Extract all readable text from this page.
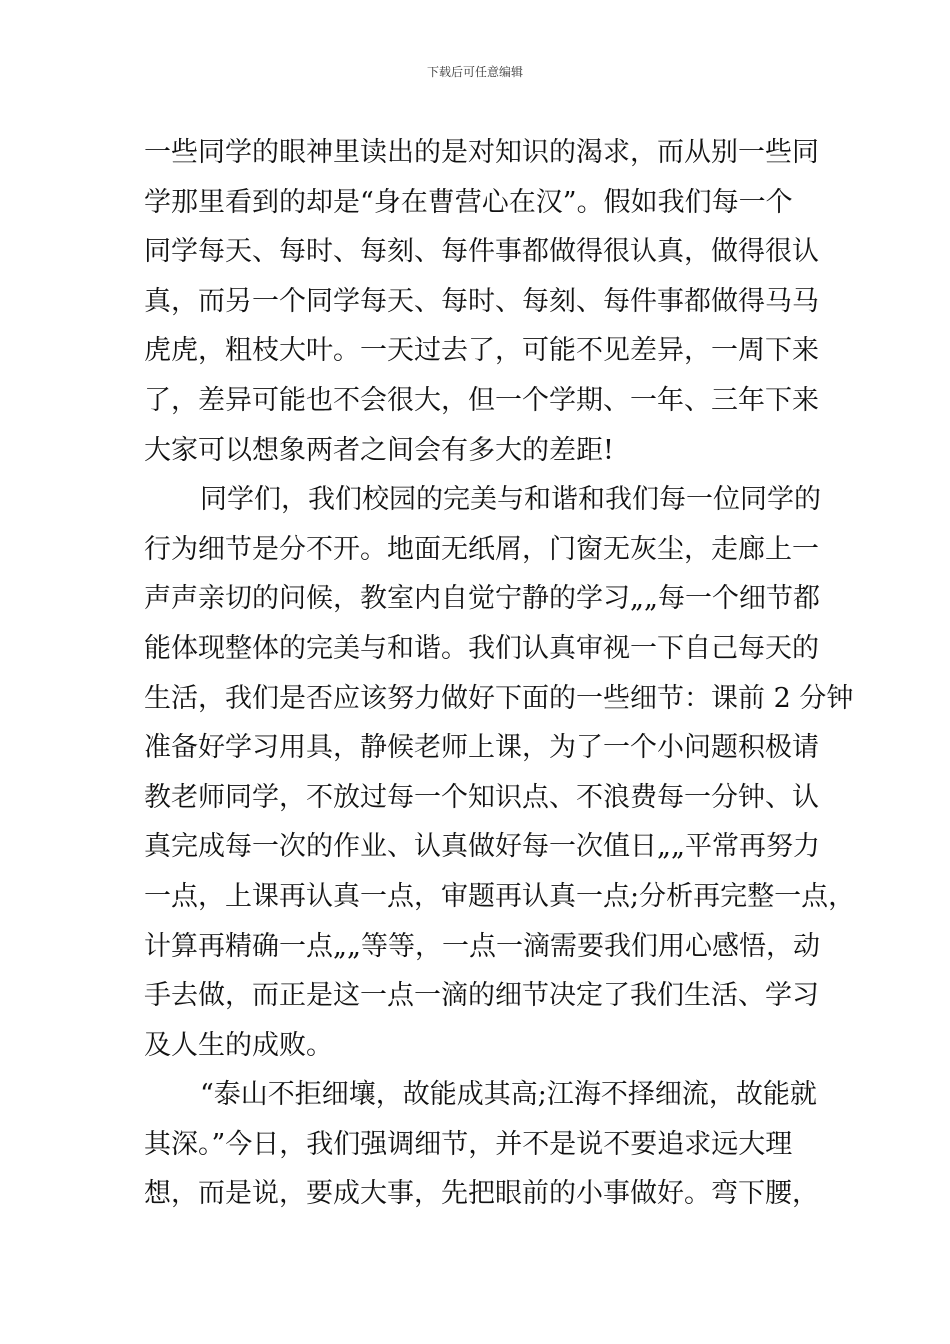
下载后可任意编辑
一些同学的眼神里读出的是对知识的渴求，而从别一些同
学那里看到的却是“身在曹营心在汉”。假如我们每一个
同学每天、每时、每刻、每件事都做得很认真，做得很认
真，而另一个同学每天、每时、每刻、每件事都做得马马
虎虎，粗枝大叶。一天过去了，可能不见差异，一周下来
了，差异可能也不会很大，但一个学期、一年、三年下来
大家可以想象两者之间会有多大的差距!
同学们，我们校园的完美与和谐和我们每一位同学的
行为细节是分不开。地面无纸屑，门窗无灰尘，走廊上一
声声亲切的问候，教室内自觉宁静的学习„„每一个细节都
能体现整体的完美与和谐。我们认真审视一下自己每天的
生活，我们是否应该努力做好下面的一些细节：课前 2 分钟
准备好学习用具，静候老师上课，为了一个小问题积极请
教老师同学，不放过每一个知识点、不浪费每一分钟、认
真完成每一次的作业、认真做好每一次值日„„平常再努力
一点，上课再认真一点，审题再认真一点;分析再完整一点，
计算再精确一点„„等等，一点一滴需要我们用心感悟，动
手去做，而正是这一点一滴的细节决定了我们生活、学习
及人生的成败。
“泰山不拒细壤，故能成其高;江海不择细流，故能就
其深。”今日，我们强调细节，并不是说不要追求远大理
想，而是说，要成大事，先把眼前的小事做好。弯下腰，
